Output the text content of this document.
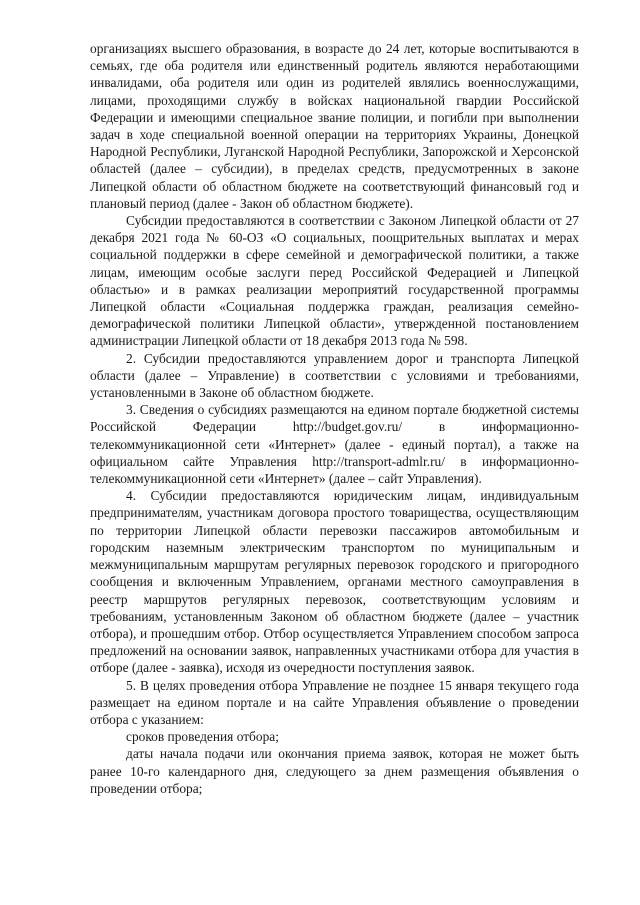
организациях высшего образования, в возрасте до 24 лет, которые воспитываются в семьях, где оба родителя или единственный родитель являются неработающими инвалидами, оба родителя или один из родителей являлись военнослужащими, лицами, проходящими службу в войсках национальной гвардии Российской Федерации и имеющими специальное звание полиции, и погибли при выполнении задач в ходе специальной военной операции на территориях Украины, Донецкой Народной Республики, Луганской Народной Республики, Запорожской и Херсонской областей (далее – субсидии), в пределах средств, предусмотренных в законе Липецкой области об областном бюджете на соответствующий финансовый год и плановый период (далее - Закон об областном бюджете).

Субсидии предоставляются в соответствии с Законом Липецкой области от 27 декабря 2021 года № 60-ОЗ «О социальных, поощрительных выплатах и мерах социальной поддержки в сфере семейной и демографической политики, а также лицам, имеющим особые заслуги перед Российской Федерацией и Липецкой областью» и в рамках реализации мероприятий государственной программы Липецкой области «Социальная поддержка граждан, реализация семейно-демографической политики Липецкой области», утвержденной постановлением администрации Липецкой области от 18 декабря 2013 года № 598.

2. Субсидии предоставляются управлением дорог и транспорта Липецкой области (далее – Управление) в соответствии с условиями и требованиями, установленными в Законе об областном бюджете.

3. Сведения о субсидиях размещаются на едином портале бюджетной системы Российской Федерации http://budget.gov.ru/ в информационно-телекоммуникационной сети «Интернет» (далее - единый портал), а также на официальном сайте Управления http://transport-admlr.ru/ в информационно-телекоммуникационной сети «Интернет» (далее – сайт Управления).

4. Субсидии предоставляются юридическим лицам, индивидуальным предпринимателям, участникам договора простого товарищества, осуществляющим по территории Липецкой области перевозки пассажиров автомобильным и городским наземным электрическим транспортом по муниципальным и межмуниципальным маршрутам регулярных перевозок городского и пригородного сообщения и включенным Управлением, органами местного самоуправления в реестр маршрутов регулярных перевозок, соответствующим условиям и требованиям, установленным Законом об областном бюджете (далее – участник отбора), и прошедшим отбор. Отбор осуществляется Управлением способом запроса предложений на основании заявок, направленных участниками отбора для участия в отборе (далее - заявка), исходя из очередности поступления заявок.

5. В целях проведения отбора Управление не позднее 15 января текущего года размещает на едином портале и на сайте Управления объявление о проведении отбора с указанием:

сроков проведения отбора;

даты начала подачи или окончания приема заявок, которая не может быть ранее 10-го календарного дня, следующего за днем размещения объявления о проведении отбора;
